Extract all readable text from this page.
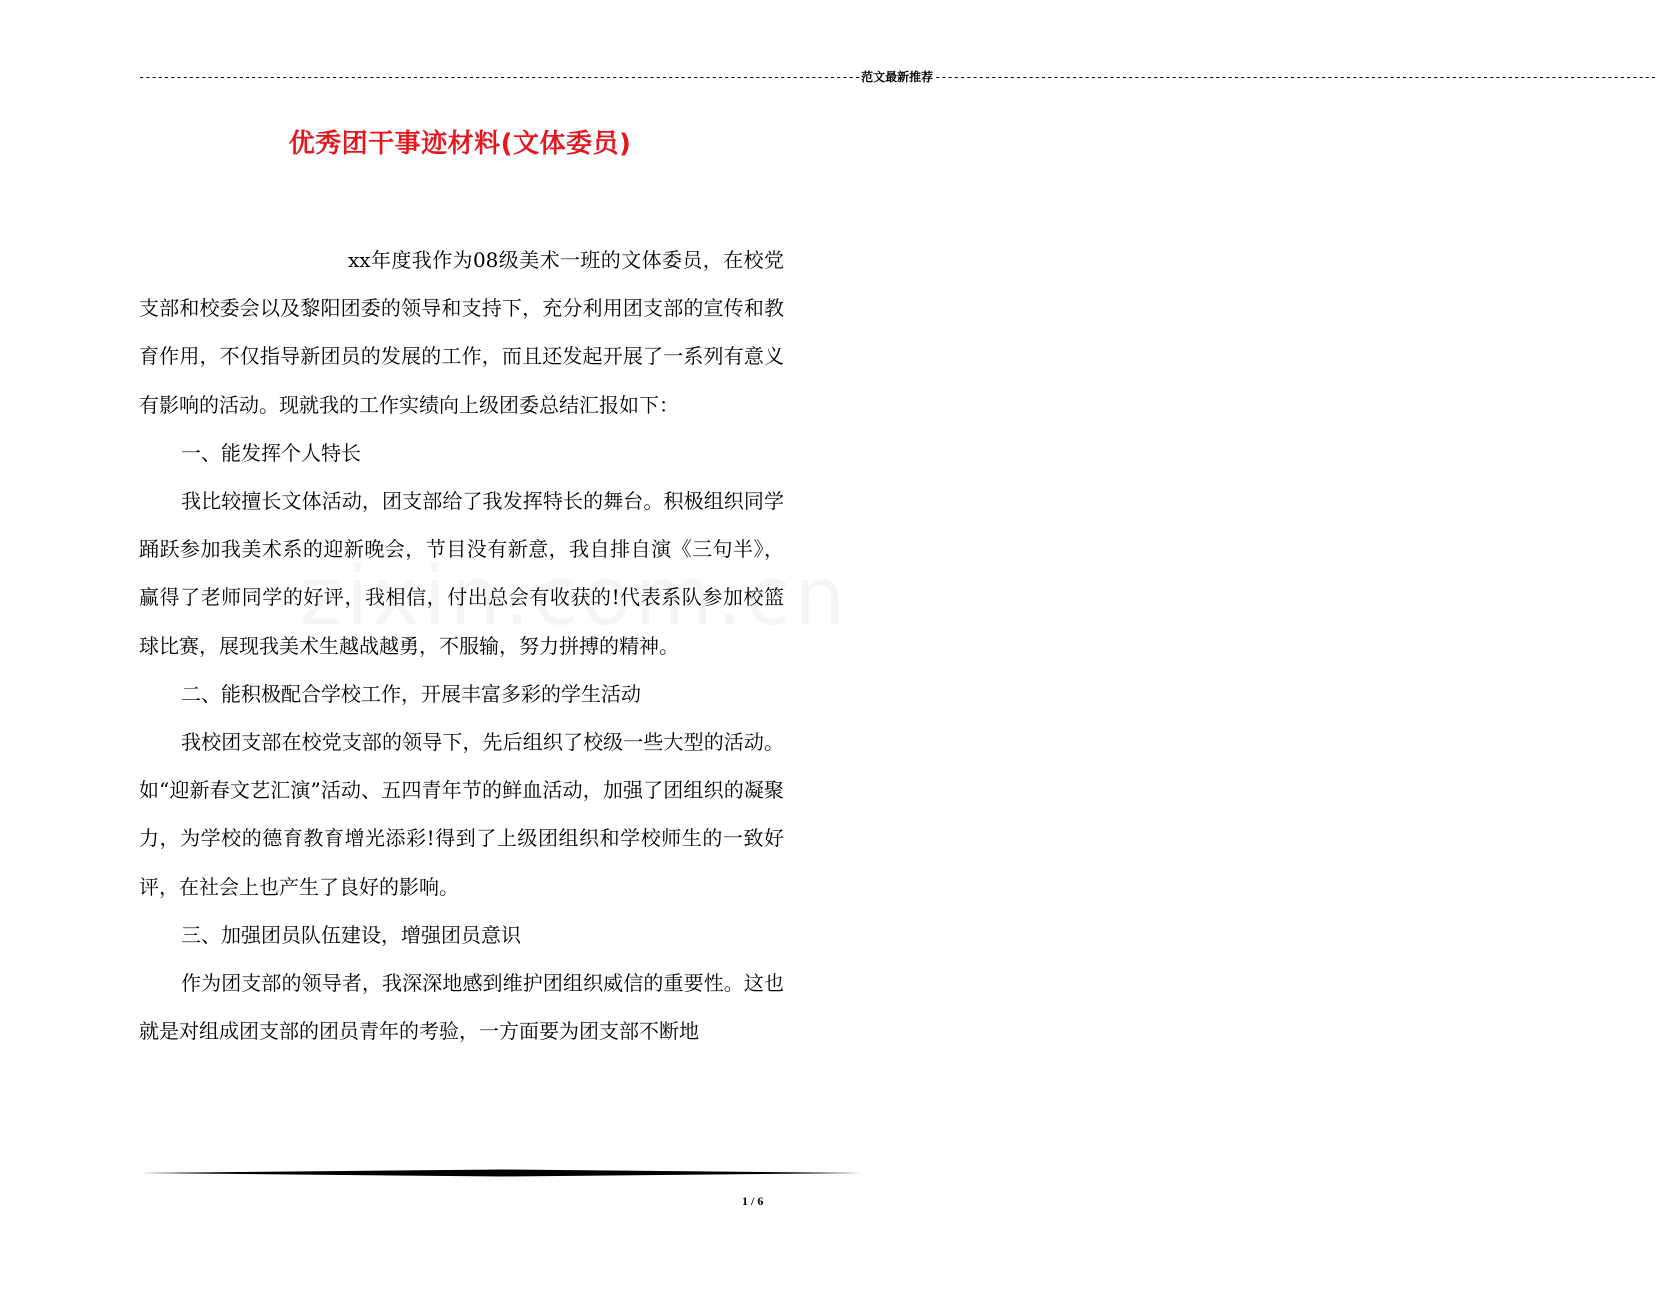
-------------------------------------------------------------------------------------------------------------------- 范文最新推荐 --------------------------------------------------------------------------------------------------------------------
优秀团干事迹材料(文体委员)

xx年度我作为08级美术一班的文体委员，在校党支部和校委会以及黎阳团委的领导和支持下，充分利用团支部的宣传和教育作用，不仅指导新团员的发展的工作，而且还发起开展了一系列有意义有影响的活动。现就我的工作实绩向上级团委总结汇报如下：

一、能发挥个人特长

我比较擅长文体活动，团支部给了我发挥特长的舞台。积极组织同学踊跃参加我美术系的迎新晚会，节目没有新意，我自排自演《三句半》，赢得了老师同学的好评，我相信，付出总会有收获的!代表系队参加校篮球比赛，展现我美术生越战越勇，不服输，努力拼搏的精神。

二、能积极配合学校工作，开展丰富多彩的学生活动

我校团支部在校党支部的领导下，先后组织了校级一些大型的活动。如“迎新春文艺汇演”活动、五四青年节的鲜血活动，加强了团组织的凝聚力，为学校的德育教育增光添彩!得到了上级团组织和学校师生的一致好评，在社会上也产生了良好的影响。

三、加强团员队伍建设，增强团员意识

作为团支部的领导者，我深深地感到维护团组织威信的重要性。这也就是对组成团支部的团员青年的考验，一方面要为团支部不断地

1 / 6
